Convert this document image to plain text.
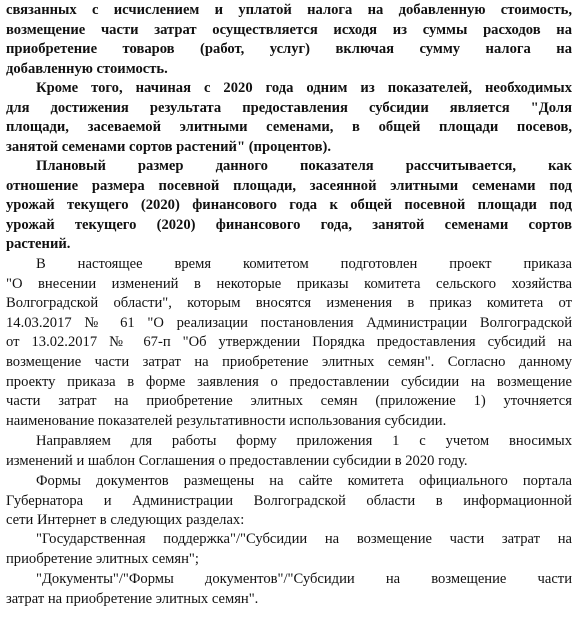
связанных с исчислением и уплатой налога на добавленную стоимость,
возмещение части затрат осуществляется исходя из суммы расходов на
приобретение товаров (работ, услуг) включая сумму налога на
добавленную стоимость.
Кроме того, начиная с 2020 года одним из показателей, необходимых
для достижения результата предоставления субсидии является "Доля
площади, засеваемой элитными семенами, в общей площади посевов,
занятой семенами сортов растений" (процентов).
Плановый размер данного показателя рассчитывается, как
отношение размера посевной площади, засеянной элитными семенами под
урожай текущего (2020) финансового года к общей посевной площади под
урожай текущего (2020) финансового года, занятой семенами сортов
растений.
В настоящее время комитетом подготовлен проект приказа
"О внесении изменений в некоторые приказы комитета сельского хозяйства
Волгоградской области", которым вносятся изменения в приказ комитета от
14.03.2017 № 61 "О реализации постановления Администрации Волгоградской
от 13.02.2017 № 67-п "Об утверждении Порядка предоставления субсидий на
возмещение части затрат на приобретение элитных семян". Согласно данному
проекту приказа в форме заявления о предоставлении субсидии на возмещение
части затрат на приобретение элитных семян (приложение 1) уточняется
наименование показателей результативности использования субсидии.
Направляем для работы форму приложения 1 с учетом вносимых
изменений и шаблон Соглашения о предоставлении субсидии в 2020 году.
Формы документов размещены на сайте комитета официального портала
Губернатора и Администрации Волгоградской области в информационной
сети Интернет в следующих разделах:
"Государственная поддержка"/"Субсидии на возмещение части затрат на
приобретение элитных семян";
"Документы"/"Формы документов"/"Субсидии на возмещение части
затрат на приобретение элитных семян".
